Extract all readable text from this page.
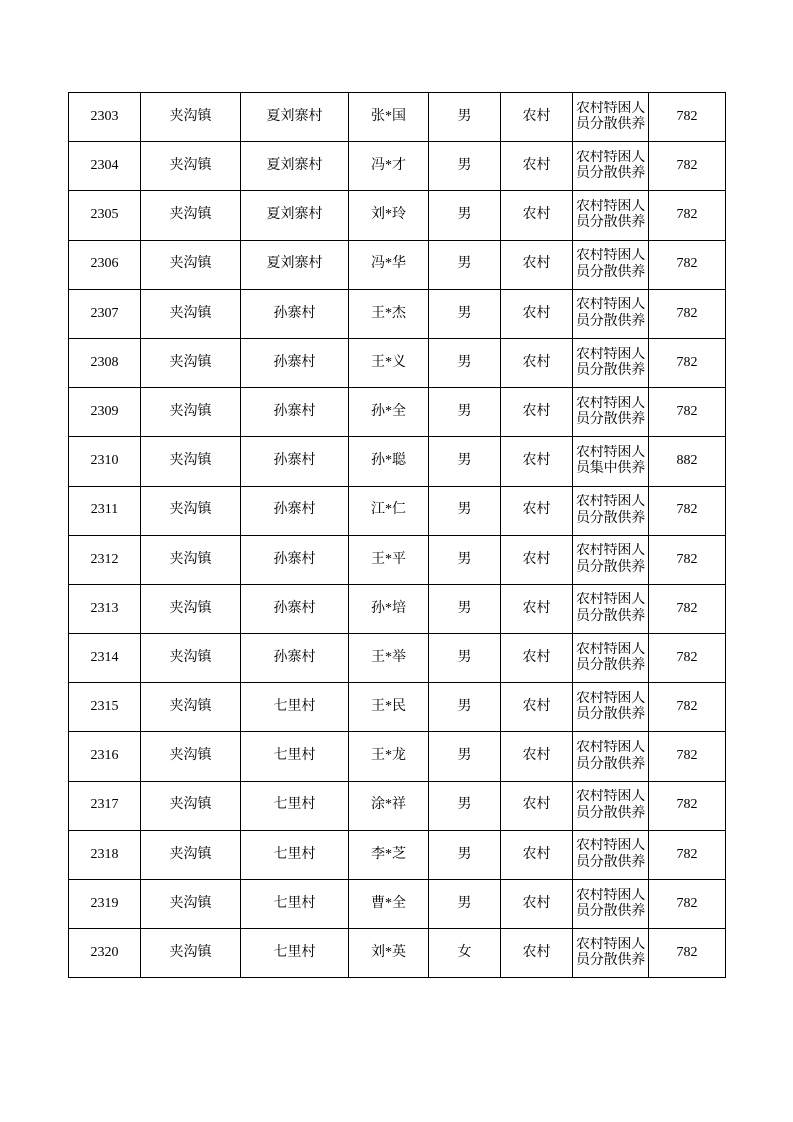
2303	夹沟镇	夏刘寨村	张*国	男	农村	农村特困人员分散供养	782
2304	夹沟镇	夏刘寨村	冯*才	男	农村	农村特困人员分散供养	782
2305	夹沟镇	夏刘寨村	刘*玲	男	农村	农村特困人员分散供养	782
2306	夹沟镇	夏刘寨村	冯*华	男	农村	农村特困人员分散供养	782
2307	夹沟镇	孙寨村	王*杰	男	农村	农村特困人员分散供养	782
2308	夹沟镇	孙寨村	王*义	男	农村	农村特困人员分散供养	782
2309	夹沟镇	孙寨村	孙*全	男	农村	农村特困人员分散供养	782
2310	夹沟镇	孙寨村	孙*聪	男	农村	农村特困人员集中供养	882
2311	夹沟镇	孙寨村	江*仁	男	农村	农村特困人员分散供养	782
2312	夹沟镇	孙寨村	王*平	男	农村	农村特困人员分散供养	782
2313	夹沟镇	孙寨村	孙*培	男	农村	农村特困人员分散供养	782
2314	夹沟镇	孙寨村	王*举	男	农村	农村特困人员分散供养	782
2315	夹沟镇	七里村	王*民	男	农村	农村特困人员分散供养	782
2316	夹沟镇	七里村	王*龙	男	农村	农村特困人员分散供养	782
2317	夹沟镇	七里村	涂*祥	男	农村	农村特困人员分散供养	782
2318	夹沟镇	七里村	李*芝	男	农村	农村特困人员分散供养	782
2319	夹沟镇	七里村	曹*全	男	农村	农村特困人员分散供养	782
2320	夹沟镇	七里村	刘*英	女	农村	农村特困人员分散供养	782
